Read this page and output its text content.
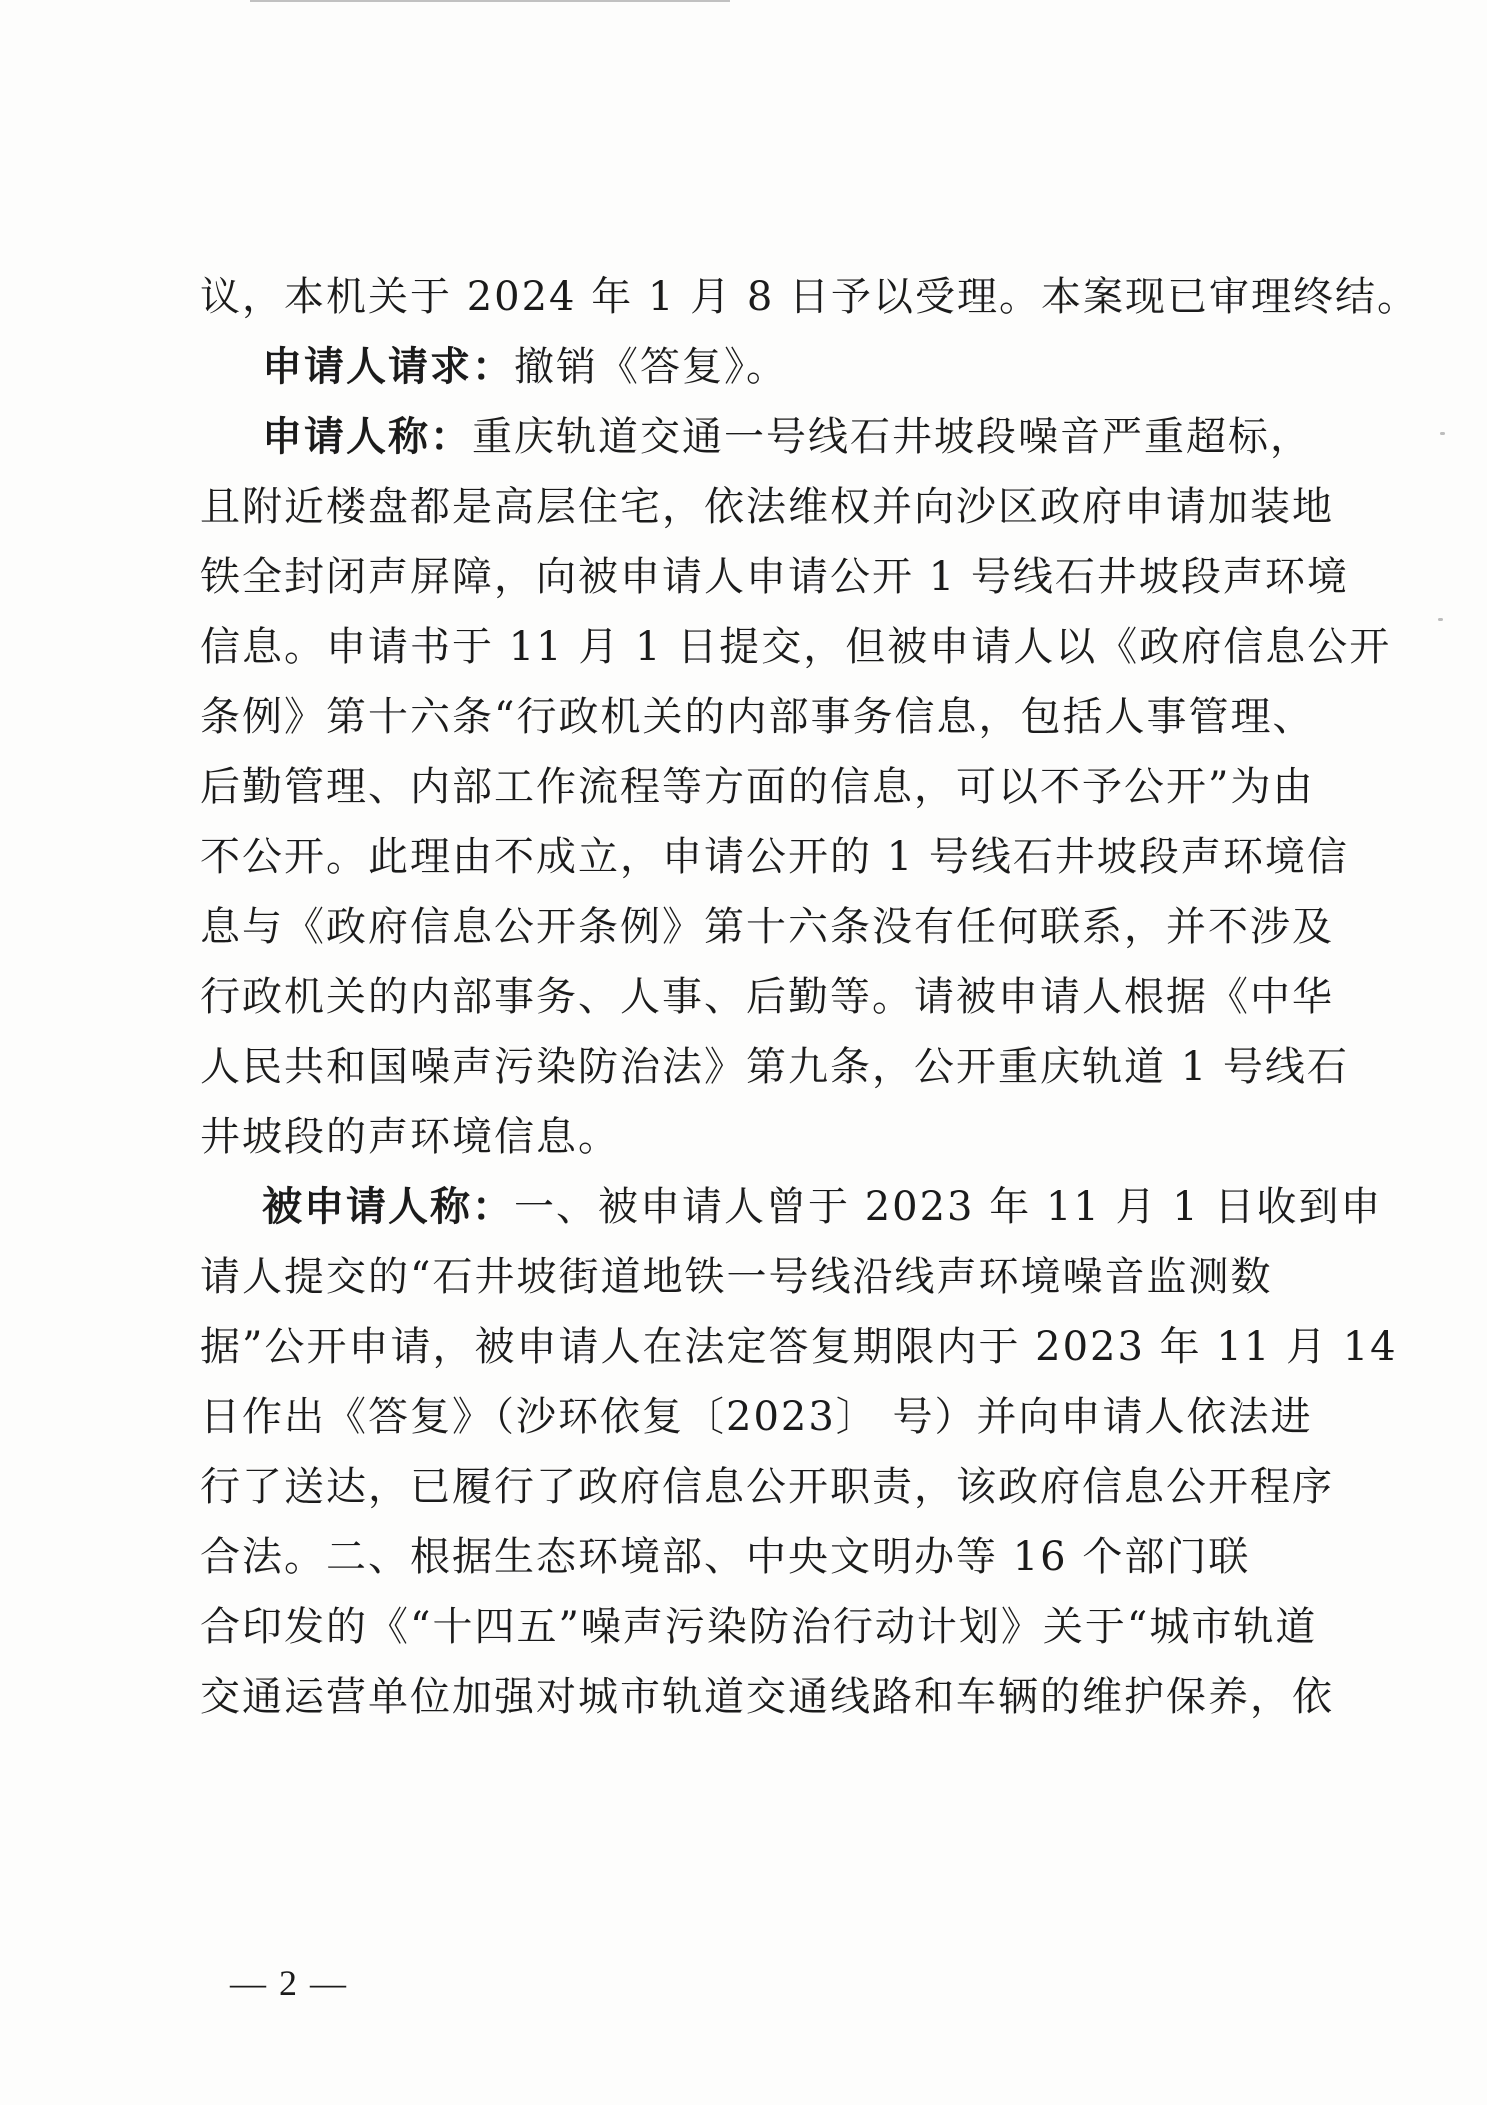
议，本机关于 2024 年 1 月 8 日予以受理。本案现已审理终结。
申请人请求：撤销《答复》。
申请人称：重庆轨道交通一号线石井坡段噪音严重超标，
且附近楼盘都是高层住宅，依法维权并向沙区政府申请加装地
铁全封闭声屏障，向被申请人申请公开 1 号线石井坡段声环境
信息。申请书于 11 月 1 日提交，但被申请人以《政府信息公开
条例》第十六条“行政机关的内部事务信息，包括人事管理、
后勤管理、内部工作流程等方面的信息，可以不予公开”为由
不公开。此理由不成立，申请公开的 1 号线石井坡段声环境信
息与《政府信息公开条例》第十六条没有任何联系，并不涉及
行政机关的内部事务、人事、后勤等。请被申请人根据《中华
人民共和国噪声污染防治法》第九条，公开重庆轨道 1 号线石
井坡段的声环境信息。
被申请人称：一、被申请人曾于 2023 年 11 月 1 日收到申
请人提交的“石井坡街道地铁一号线沿线声环境噪音监测数
据”公开申请，被申请人在法定答复期限内于 2023 年 11 月 14
日作出《答复》（沙环依复〔2023〕 号）并向申请人依法进
行了送达，已履行了政府信息公开职责，该政府信息公开程序
合法。二、根据生态环境部、中央文明办等 16 个部门联
合印发的《“十四五”噪声污染防治行动计划》关于“城市轨道
交通运营单位加强对城市轨道交通线路和车辆的维护保养，依
— 2 —
